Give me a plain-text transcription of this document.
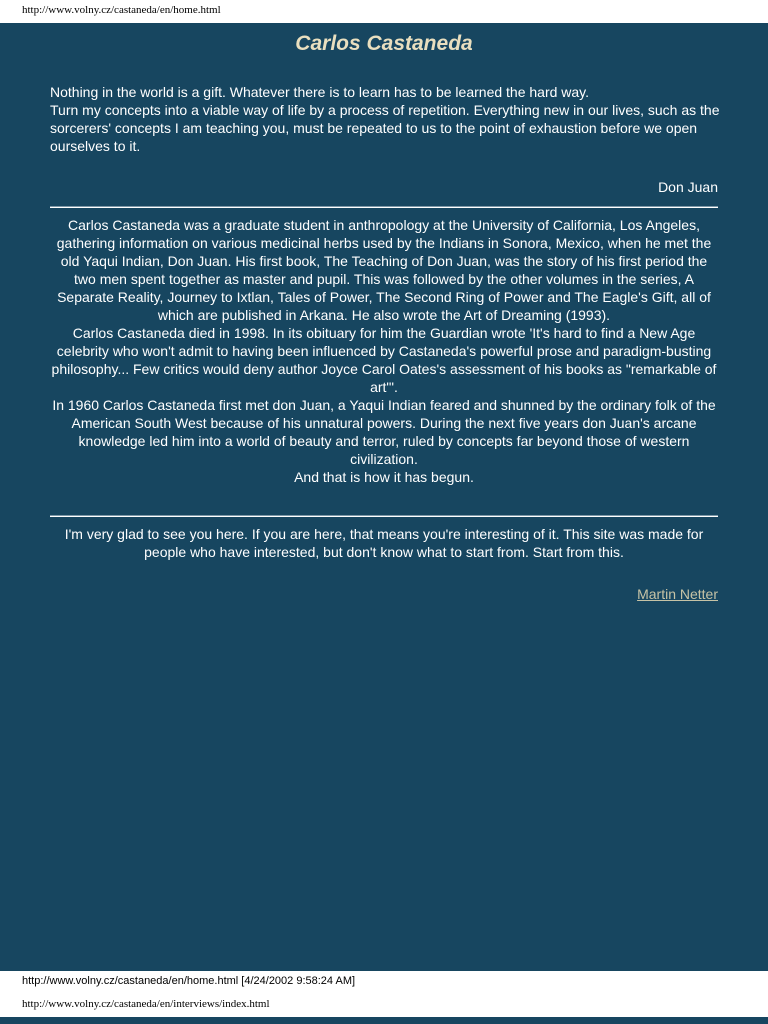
http://www.volny.cz/castaneda/en/home.html
Carlos Castaneda

Nothing in the world is a gift. Whatever there is to learn has to be learned the hard way.

Turn my concepts into a viable way of life by a process of repetition. Everything new in our lives, such as the sorcerers' concepts I am teaching you, must be repeated to us to the point of exhaustion before we open ourselves to it.

Don Juan

Carlos Castaneda was a graduate student in anthropology at the University of California, Los Angeles, gathering information on various medicinal herbs used by the Indians in Sonora, Mexico, when he met the old Yaqui Indian, Don Juan. His first book, The Teaching of Don Juan, was the story of his first period the two men spent together as master and pupil. This was followed by the other volumes in the series, A Separate Reality, Journey to Ixtlan, Tales of Power, The Second Ring of Power and The Eagle's Gift, all of which are published in Arkana. He also wrote the Art of Dreaming (1993).

Carlos Castaneda died in 1998. In its obituary for him the Guardian wrote 'It's hard to find a New Age celebrity who won't admit to having been influenced by Castaneda's powerful prose and paradigm-busting philosophy... Few critics would deny author Joyce Carol Oates's assessment of his books as "remarkable of art"'.

In 1960 Carlos Castaneda first met don Juan, a Yaqui Indian feared and shunned by the ordinary folk of the American South West because of his unnatural powers. During the next five years don Juan's arcane knowledge led him into a world of beauty and terror, ruled by concepts far beyond those of western civilization.

And that is how it has begun.

I'm very glad to see you here. If you are here, that means you're interesting of it. This site was made for people who have interested, but don't know what to start from. Start from this.

Martin Netter
http://www.volny.cz/castaneda/en/home.html [4/24/2002 9:58:24 AM]
http://www.volny.cz/castaneda/en/interviews/index.html
